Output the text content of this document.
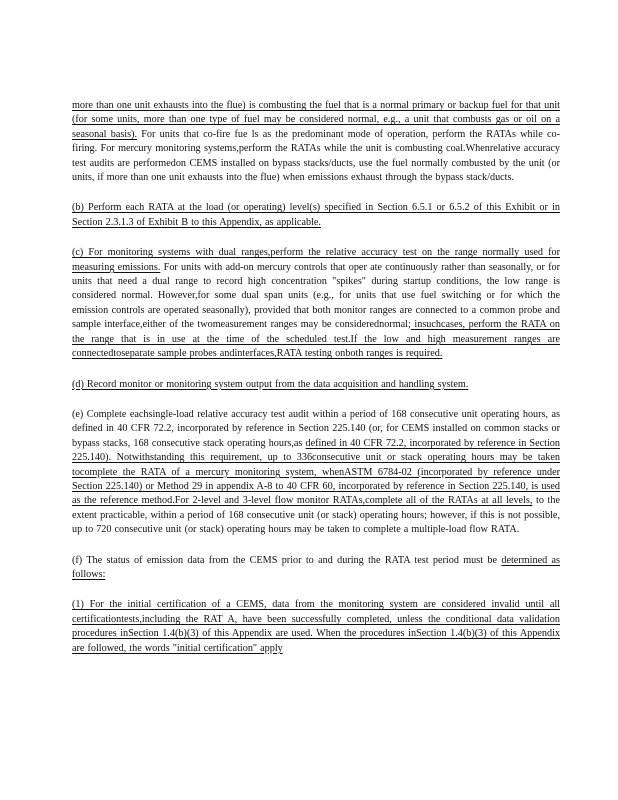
more than one unit exhausts into the flue) is combusting the fuel that is a normal primary or backup fuel for that unit (for some units, more than one type of fuel may be considered normal, e.g., a unit that combusts gas or oil on a seasonal basis). For units that co-fire fue ls as the predominant mode of operation, perform the RATAs while co-firing. For mercury monitoring systems,perform the RATAs while the unit is combusting coal.Whenrelative accuracy test audits are performedon CEMS installed on bypass stacks/ducts, use the fuel normally combusted by the unit (or units, if more than one unit exhausts into the flue) when emissions exhaust through the bypass stack/ducts.

(b) Perform each RATA at the load (or operating) level(s) specified in Section 6.5.1 or 6.5.2 of this Exhibit or in Section 2.3.1.3 of Exhibit B to this Appendix, as applicable.

(c) For monitoring systems with dual ranges,perform the relative accuracy test on the range normally used for measuring emissions. For units with add-on mercury controls that oper ate continuously rather than seasonally, or for units that need a dual range to record high concentration "spikes" during startup conditions, the low range is considered normal. However,for some dual span units (e.g., for units that use fuel switching or for which the emission controls are operated seasonally), provided that both monitor ranges are connected to a common probe and sample interface,either of the twomeasurement ranges may be considerednormal; insuchcases, perform the RATA on the range that is in use at the time of the scheduled test.If the low and high measurement ranges are connectedtoseparate sample probes andinterfaces,RATA testing onboth ranges is required.

(d) Record monitor or monitoring system output from the data acquisition and handling system.

(e) Complete eachsingle-load relative accuracy test audit within a period of 168 consecutive unit operating hours, as defined in 40 CFR 72.2, incorporated by reference in Section 225.140 (or, for CEMS installed on common stacks or bypass stacks, 168 consecutive stack operating hours,as defined in 40 CFR 72.2, incorporated by reference in Section 225.140). Notwithstanding this requirement, up to 336consecutive unit or stack operating hours may be taken tocomplete the RATA of a mercury monitoring system, whenASTM 6784-02 (incorporated by reference under Section 225.140) or Method 29 in appendix A-8 to 40 CFR 60, incorporated by reference in Section 225.140, is used as the reference method.For 2-level and 3-level flow monitor RATAs,complete all of the RATAs at all levels, to the extent practicable, within a period of 168 consecutive unit (or stack) operating hours; however, if this is not possible, up to 720 consecutive unit (or stack) operating hours may be taken to complete a multiple-load flow RATA.

(f) The status of emission data from the CEMS prior to and during the RATA test period must be determined as follows:

(1) For the initial certification of a CEMS, data from the monitoring system are considered invalid until all certificationtests,including the RAT A, have been successfully completed, unless the conditional data validation procedures inSection 1.4(b)(3) of this Appendix are used. When the procedures inSection 1.4(b)(3) of this Appendix are followed, the words "initial certification" apply
